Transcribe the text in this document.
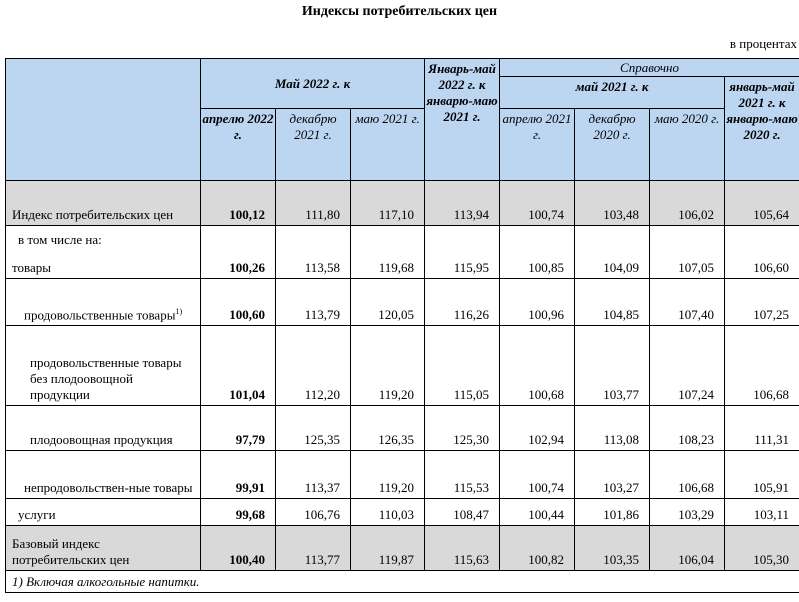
Индексы потребительских цен
в процентах
	Май 2022 г. к			Январь-май 2022 г. к январю-маю 2021 г.	Справочно			
					май 2021 г. к			январь-май 2021 г. к январю-маю 2020 г.
	апрелю 2022 г.	декабрю 2021 г.	маю 2021 г.		апрелю 2021 г.	декабрю 2020 г.	маю 2020 г.	
Индекс потребительских цен	100,12	111,80	117,10	113,94	100,74	103,48	106,02	105,64

в том числе на:
товары	100,26	113,58	119,68	115,95	100,85	104,09	107,05	106,60
продовольственные товары$^{1)}$	100,60	113,79	120,05	116,26	100,96	104,85	107,40	107,25
продовольственные товары без плодоовощной продукции	101,04	112,20	119,20	115,05	100,68	103,77	107,24	106,68
плодоовощная продукция	97,79	125,35	126,35	125,30	102,94	113,08	108,23	111,31
непродовольствен-ные товары	99,91	113,37	119,20	115,53	100,74	103,27	106,68	105,91
услуги	99,68	106,76	110,03	108,47	100,44	101,86	103,29	103,11
Базовый индекс потребительских цен	100,40	113,77	119,87	115,63	100,82	103,35	106,04	105,30
1) Включая алкогольные напитки.								
